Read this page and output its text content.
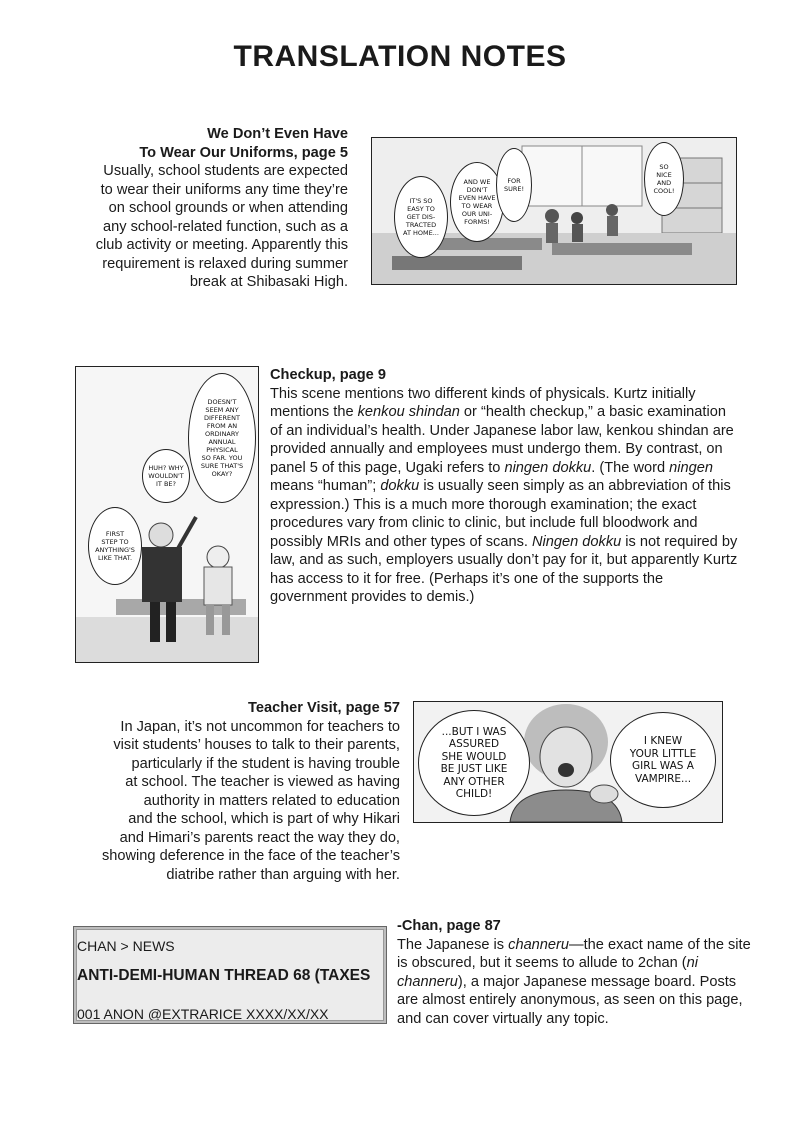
TRANSLATION NOTES
We Don’t Even Have
To Wear Our Uniforms, page 5
Usually, school students are expected
to wear their uniforms any time they’re
on school grounds or when attending
any school-related function, such as a
club activity or meeting. Apparently this
requirement is relaxed during summer
break at Shibasaki High.
IT'S SO
EASY TO
GET DIS-
TRACTED
AT HOME...
AND WE
DON'T
EVEN HAVE
TO WEAR
OUR UNI-
FORMS!
FOR
SURE!
SO
NICE
AND
COOL!
DOESN'T
SEEM ANY
DIFFERENT
FROM AN
ORDINARY
ANNUAL
PHYSICAL
SO FAR. YOU
SURE THAT'S
OKAY?
HUH? WHY
WOULDN'T
IT BE?
FIRST
STEP TO
ANYTHING'S
LIKE THAT.
Checkup, page 9
This scene mentions two different kinds of physicals. Kurtz initially mentions the kenkou shindan or “health checkup,” a basic examination of an individual’s health. Under Japanese labor law, kenkou shindan are provided annually and employees must undergo them. By contrast, on panel 5 of this page, Ugaki refers to ningen dokku. (The word ningen means “human”; dokku is usually seen simply as an abbreviation of this expression.) This is a much more thorough examination; the exact procedures vary from clinic to clinic, but include full bloodwork and possibly MRIs and other types of scans. Ningen dokku is not required by law, and as such, employers usually don’t pay for it, but apparently Kurtz has access to it for free. (Perhaps it’s one of the supports the government provides to demis.)
Teacher Visit, page 57
In Japan, it’s not uncommon for teachers to
visit students’ houses to talk to their parents,
particularly if the student is having trouble
at school. The teacher is viewed as having
authority in matters related to education
and the school, which is part of why Hikari
and Himari’s parents react the way they do,
showing deference in the face of the teacher’s
diatribe rather than arguing with her.
...BUT I WAS
ASSURED
SHE WOULD
BE JUST LIKE
ANY OTHER
CHILD!
I KNEW
YOUR LITTLE
GIRL WAS A
VAMPIRE...
CHAN > NEWS
ANTI-DEMI-HUMAN THREAD 68 (TAXES
001 ANON @EXTRARICE XXXX/XX/XX
-Chan, page 87
The Japanese is channeru—the exact name of the site is obscured, but it seems to allude to 2chan (ni channeru), a major Japanese message board. Posts are almost entirely anonymous, as seen on this page, and can cover virtually any topic.
